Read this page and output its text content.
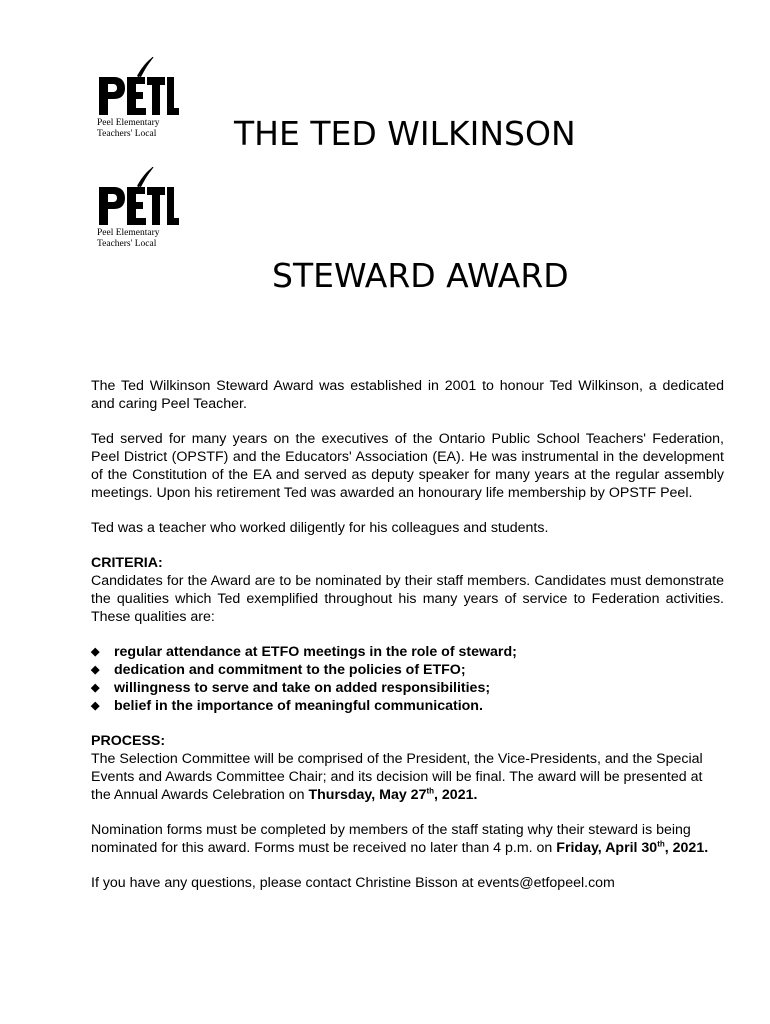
Peel Elementary
Teachers' Local
Peel Elementary
Teachers' Local
THE TED WILKINSON
STEWARD AWARD

The Ted Wilkinson Steward Award was established in 2001 to honour Ted Wilkinson, a dedicated and caring Peel Teacher.

Ted served for many years on the executives of the Ontario Public School Teachers' Federation, Peel District (OPSTF) and the Educators' Association (EA). He was instrumental in the development of the Constitution of the EA and served as deputy speaker for many years at the regular assembly meetings. Upon his retirement Ted was awarded an honourary life membership by OPSTF Peel.

Ted was a teacher who worked diligently for his colleagues and students.

CRITERIA:
Candidates for the Award are to be nominated by their staff members. Candidates must demonstrate the qualities which Ted exemplified throughout his many years of service to Federation activities. These qualities are:

◆ regular attendance at ETFO meetings in the role of steward;
◆ dedication and commitment to the policies of ETFO;
◆ willingness to serve and take on added responsibilities;
◆ belief in the importance of meaningful communication.

PROCESS:
The Selection Committee will be comprised of the President, the Vice-Presidents, and the Special Events and Awards Committee Chair; and its decision will be final. The award will be presented at the Annual Awards Celebration on Thursday, May 27th, 2021.

Nomination forms must be completed by members of the staff stating why their steward is being nominated for this award. Forms must be received no later than 4 p.m. on Friday, April 30th, 2021.

If you have any questions, please contact Christine Bisson at events@etfopeel.com
